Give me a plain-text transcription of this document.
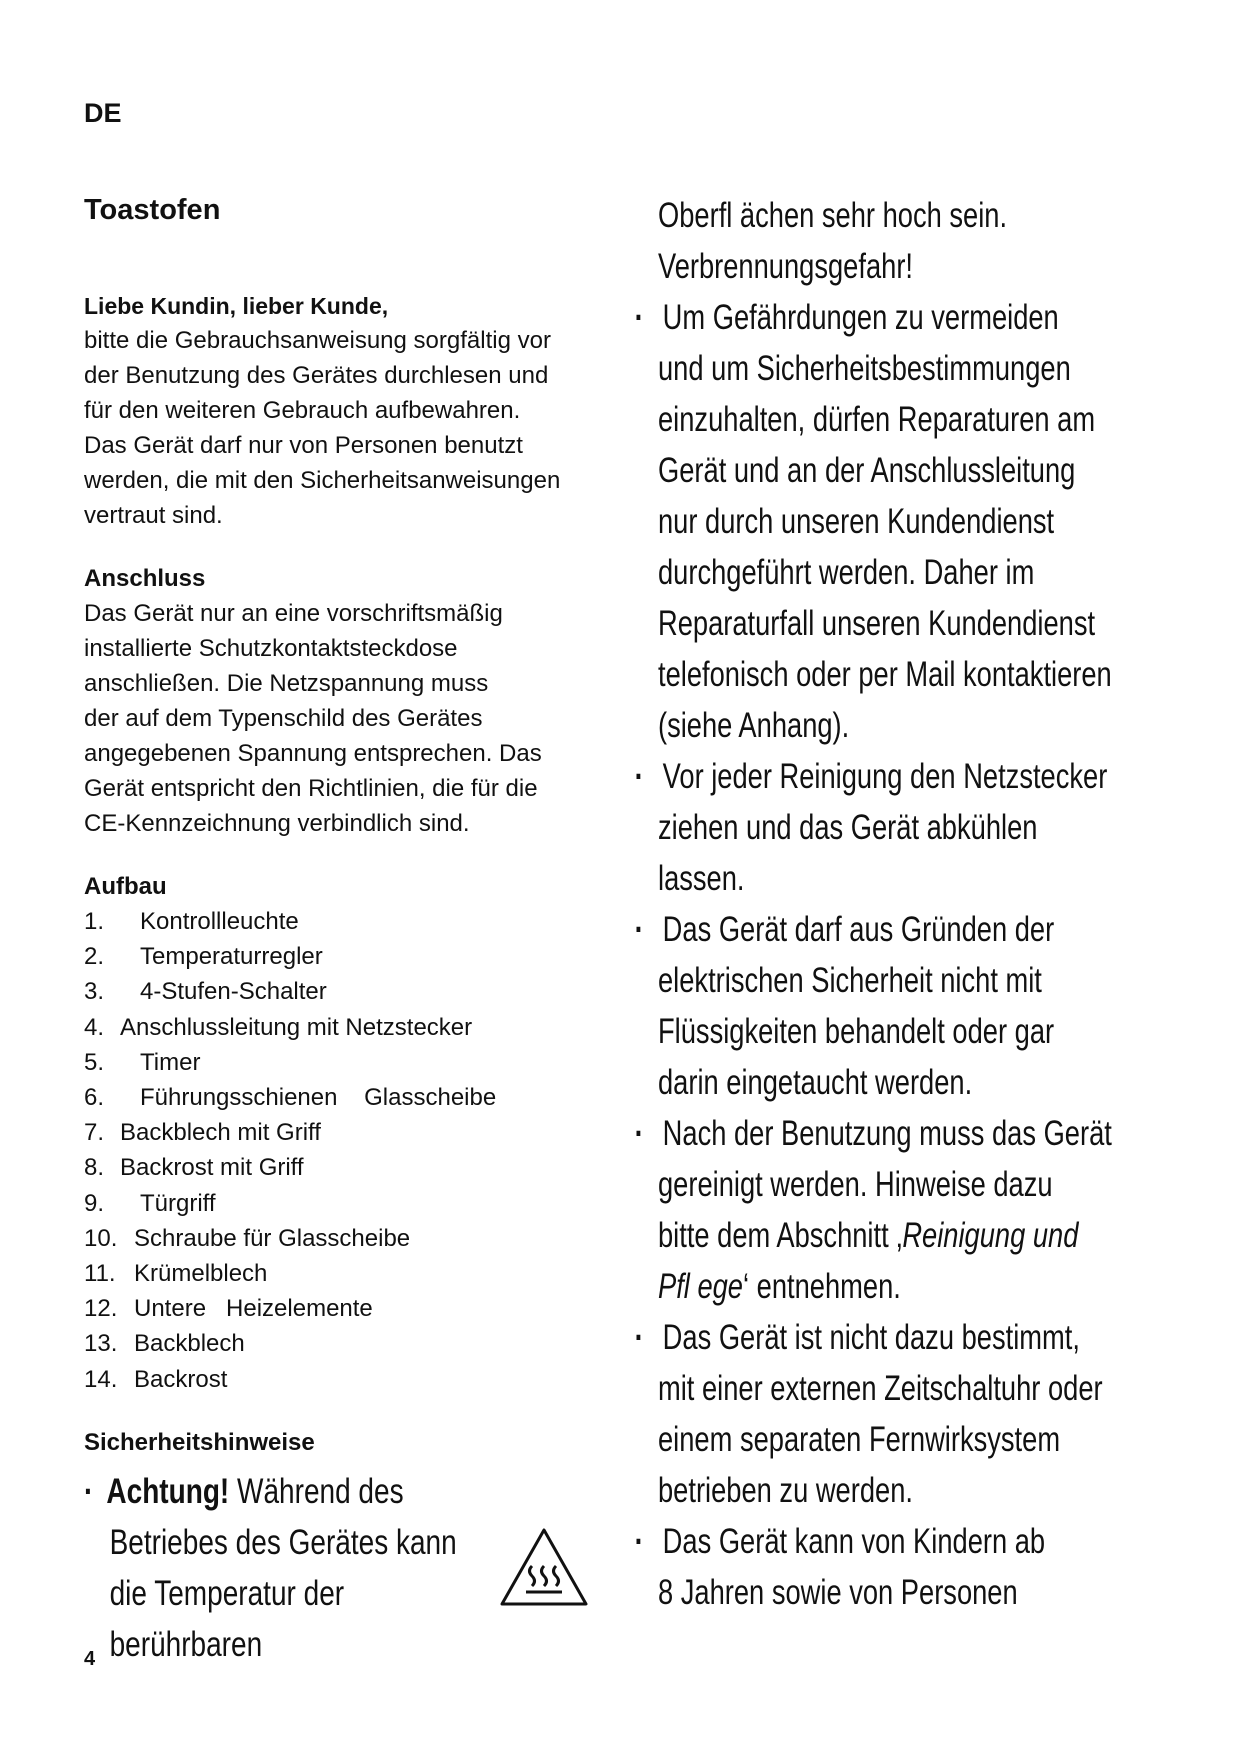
DE
Toastofen

Liebe Kundin, lieber Kunde,

bitte die Gebrauchsanweisung sorgfältig vor

der Benutzung des Gerätes durchlesen und

für den weiteren Gebrauch aufbewahren.

Das Gerät darf nur von Personen benutzt

werden, die mit den Sicherheitsanweisungen

vertraut sind.

Anschluss

Das Gerät nur an eine vorschriftsmäßig

installierte Schutzkontaktsteckdose

anschließen. Die Netzspannung muss

der auf dem Typenschild des Gerätes

angegebenen Spannung entsprechen. Das

Gerät entspricht den Richtlinien, die für die

CE-Kennzeichnung verbindlich sind.

Aufbau
1. Kontrollleuchte
2. Temperaturregler
3. 4-Stufen-Schalter
4. Anschlussleitung mit Netzstecker
5. Timer
6. Führungsschienen    Glasscheibe
7. Backblech mit Griff
8. Backrost mit Griff
9. Türgriff
10. Schraube für Glasscheibe
11. Krümelblech
12. Untere   Heizelemente
13. Backblech
14. Backrost
Sicherheitshinweise
· Achtung! Während des
Betriebes des Gerätes kann
die Temperatur der berührbaren
Oberfl ächen sehr hoch sein.
Verbrennungsgefahr!
· Um Gefährdungen zu vermeiden
und um Sicherheitsbestimmungen
einzuhalten, dürfen Reparaturen am
Gerät und an der Anschlussleitung
nur durch unseren Kundendienst
durchgeführt werden. Daher im
Reparaturfall unseren Kundendienst
telefonisch oder per Mail kontaktieren
(siehe Anhang).
· Vor jeder Reinigung den Netzstecker
ziehen und das Gerät abkühlen
lassen.
· Das Gerät darf aus Gründen der
elektrischen Sicherheit nicht mit
Flüssigkeiten behandelt oder gar
darin eingetaucht werden.
· Nach der Benutzung muss das Gerät
gereinigt werden. Hinweise dazu
bitte dem Abschnitt ‚Reinigung und
Pfl ege‘ entnehmen.
· Das Gerät ist nicht dazu bestimmt,
mit einer externen Zeitschaltuhr oder
einem separaten Fernwirksystem
betrieben zu werden.
· Das Gerät kann von Kindern ab
8 Jahren sowie von Personen
4
